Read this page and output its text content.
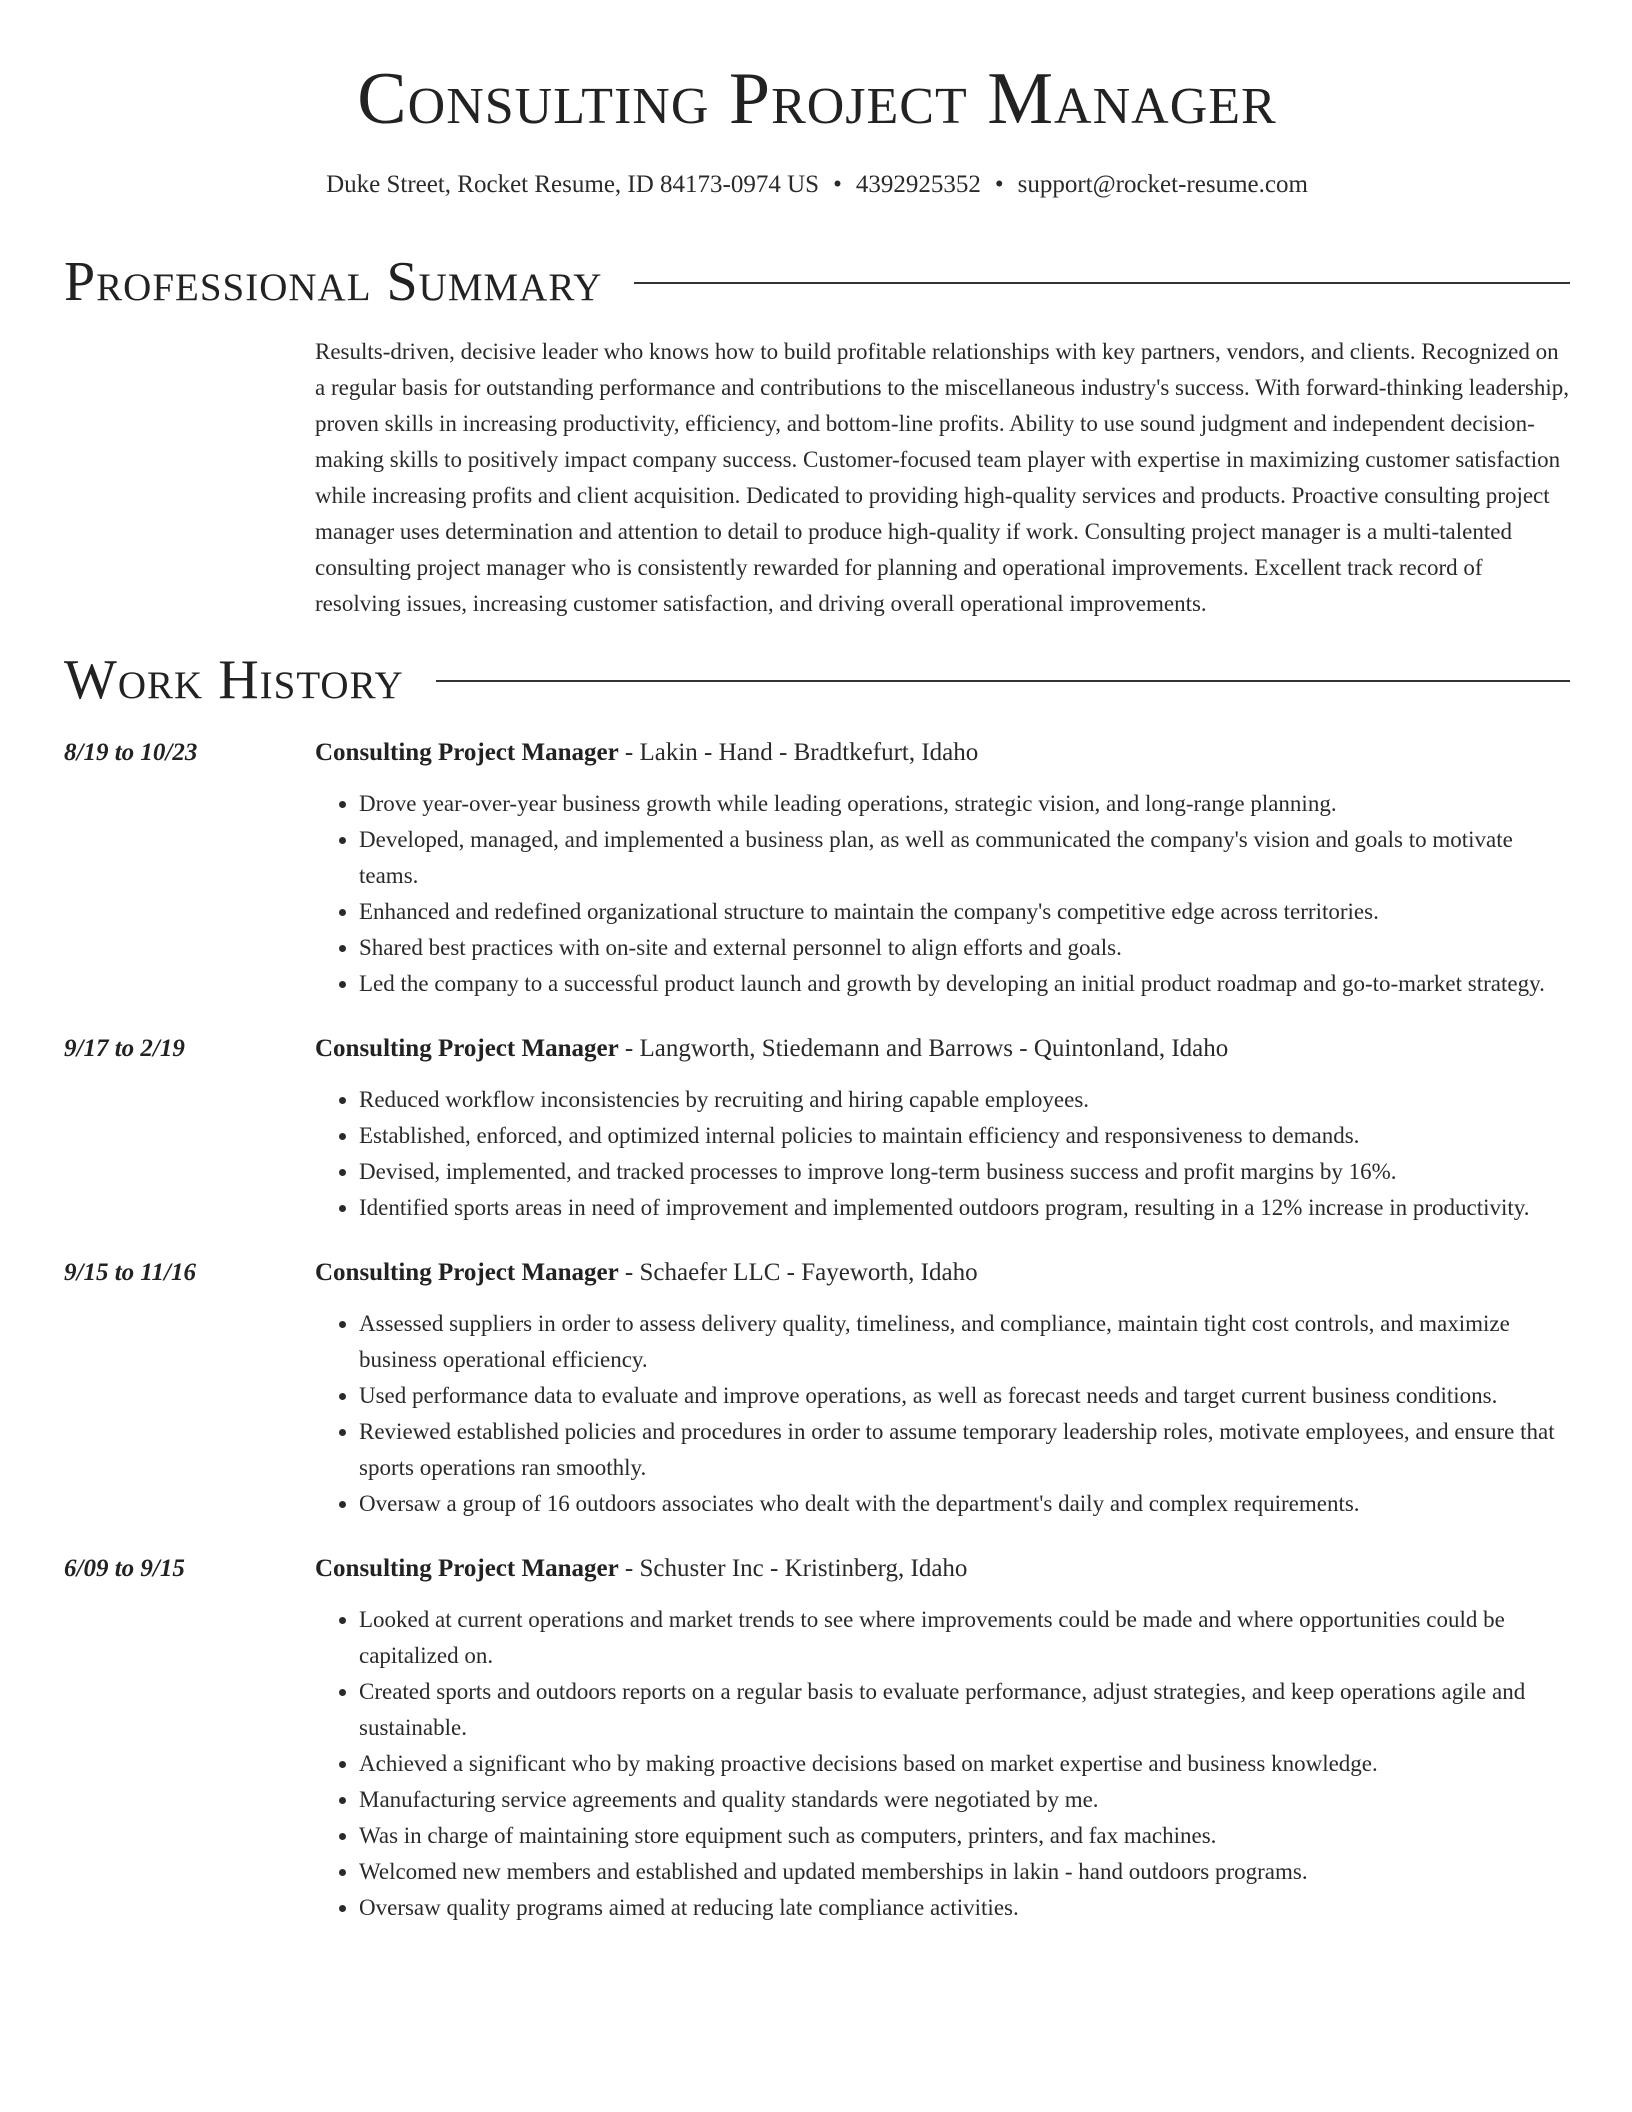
Consulting Project Manager
Duke Street, Rocket Resume, ID 84173-0974 US • 4392925352 • support@rocket-resume.com
Professional Summary
Results-driven, decisive leader who knows how to build profitable relationships with key partners, vendors, and clients. Recognized on a regular basis for outstanding performance and contributions to the miscellaneous industry's success. With forward-thinking leadership, proven skills in increasing productivity, efficiency, and bottom-line profits. Ability to use sound judgment and independent decision-making skills to positively impact company success. Customer-focused team player with expertise in maximizing customer satisfaction while increasing profits and client acquisition. Dedicated to providing high-quality services and products. Proactive consulting project manager uses determination and attention to detail to produce high-quality if work. Consulting project manager is a multi-talented consulting project manager who is consistently rewarded for planning and operational improvements. Excellent track record of resolving issues, increasing customer satisfaction, and driving overall operational improvements.
Work History
8/19 to 10/23	Consulting Project Manager - Lakin - Hand - Bradtkefurt, Idaho
• Drove year-over-year business growth while leading operations, strategic vision, and long-range planning.
• Developed, managed, and implemented a business plan, as well as communicated the company's vision and goals to motivate teams.
• Enhanced and redefined organizational structure to maintain the company's competitive edge across territories.
• Shared best practices with on-site and external personnel to align efforts and goals.
• Led the company to a successful product launch and growth by developing an initial product roadmap and go-to-market strategy.
9/17 to 2/19	Consulting Project Manager - Langworth, Stiedemann and Barrows - Quintonland, Idaho
• Reduced workflow inconsistencies by recruiting and hiring capable employees.
• Established, enforced, and optimized internal policies to maintain efficiency and responsiveness to demands.
• Devised, implemented, and tracked processes to improve long-term business success and profit margins by 16%.
• Identified sports areas in need of improvement and implemented outdoors program, resulting in a 12% increase in productivity.
9/15 to 11/16	Consulting Project Manager - Schaefer LLC - Fayeworth, Idaho
• Assessed suppliers in order to assess delivery quality, timeliness, and compliance, maintain tight cost controls, and maximize business operational efficiency.
• Used performance data to evaluate and improve operations, as well as forecast needs and target current business conditions.
• Reviewed established policies and procedures in order to assume temporary leadership roles, motivate employees, and ensure that sports operations ran smoothly.
• Oversaw a group of 16 outdoors associates who dealt with the department's daily and complex requirements.
6/09 to 9/15	Consulting Project Manager - Schuster Inc - Kristinberg, Idaho
• Looked at current operations and market trends to see where improvements could be made and where opportunities could be capitalized on.
• Created sports and outdoors reports on a regular basis to evaluate performance, adjust strategies, and keep operations agile and sustainable.
• Achieved a significant who by making proactive decisions based on market expertise and business knowledge.
• Manufacturing service agreements and quality standards were negotiated by me.
• Was in charge of maintaining store equipment such as computers, printers, and fax machines.
• Welcomed new members and established and updated memberships in lakin - hand outdoors programs.
• Oversaw quality programs aimed at reducing late compliance activities.
